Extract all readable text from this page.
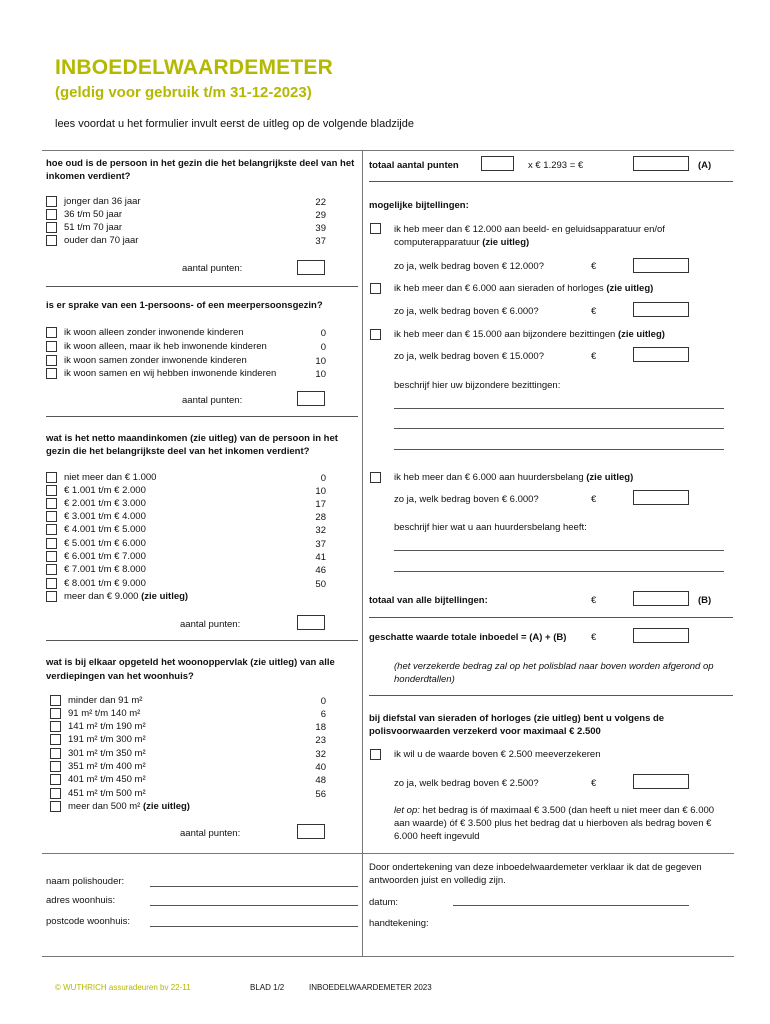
INBOEDELWAARDEMETER
(geldig voor gebruik t/m 31-12-2023)
lees voordat u het formulier invult eerst de uitleg op de volgende bladzijde
hoe oud is de persoon in het gezin die het belangrijkste deel van het inkomen verdient?
jonger dan 36 jaar	22
36 t/m 50 jaar	29
51 t/m 70 jaar	39
ouder dan 70 jaar	37
aantal punten:
is er sprake van een 1-persoons- of een meerpersoonsgezin?
ik woon alleen zonder inwonende kinderen	0
ik woon alleen, maar ik heb inwonende kinderen	0
ik woon samen zonder inwonende kinderen	10
ik woon samen en wij hebben inwonende kinderen	10
aantal punten:
wat is het netto maandinkomen (zie uitleg) van de persoon in het gezin die het belangrijkste deel van het inkomen verdient?
niet meer dan € 1.000	0
€ 1.001 t/m € 2.000	10
€ 2.001 t/m € 3.000	17
€ 3.001 t/m € 4.000	28
€ 4.001 t/m € 5.000	32
€ 5.001 t/m € 6.000	37
€ 6.001 t/m € 7.000	41
€ 7.001 t/m € 8.000	46
€ 8.001 t/m € 9.000	50
meer dan € 9.000
(zie uitleg)
aantal punten:
wat is bij elkaar opgeteld het woonoppervlak (zie uitleg) van alle verdiepingen van het woonhuis?
minder dan 91 m²	0
91 m² t/m 140 m²	6
141 m² t/m 190 m²	18
191 m² t/m 300 m²	23
301 m² t/m 350 m²	32
351 m² t/m 400 m²	40
401 m² t/m 450 m²	48
451 m² t/m 500 m²	56
meer dan 500 m²
(zie uitleg)
aantal punten:
naam polishouder:
adres woonhuis:
postcode woonhuis:
totaal aantal punten	x € 1.293 = €	(A)
mogelijke bijtellingen:
ik heb meer dan € 12.000 aan beeld- en geluidsapparatuur en/of computerapparatuur (zie uitleg)
zo ja, welk bedrag boven € 12.000?	€
ik heb meer dan € 6.000 aan sieraden of horloges (zie uitleg)
zo ja, welk bedrag boven € 6.000?	€
ik heb meer dan € 15.000 aan bijzondere bezittingen (zie uitleg)
zo ja, welk bedrag boven € 15.000?	€
beschrijf hier uw bijzondere bezittingen:
ik heb meer dan € 6.000 aan huurdersbelang (zie uitleg)
zo ja, welk bedrag boven € 6.000?	€
beschrijf hier wat u aan huurdersbelang heeft:
totaal van alle bijtellingen:	€	(B)
geschatte waarde totale inboedel = (A) + (B)	€
(het verzekerde bedrag zal op het polisblad naar boven worden afgerond op honderdtallen)
bij diefstal van sieraden of horloges (zie uitleg) bent u volgens de polisvoorwaarden verzekerd voor maximaal € 2.500
ik wil u de waarde boven € 2.500 meeverzekeren
zo ja, welk bedrag boven € 2.500?	€
let op: het bedrag is óf maximaal € 3.500 (dan heeft u niet meer dan € 6.000 aan waarde) óf € 3.500 plus het bedrag dat u hierboven als bedrag boven € 6.000 heeft ingevuld
Door ondertekening van deze inboedelwaardemeter verklaar ik dat de gegeven antwoorden juist en volledig zijn.
datum:
handtekening:
© WUTHRICH assuradeuren bv 22-11	BLAD 1/2	INBOEDELWAARDEMETER 2023
